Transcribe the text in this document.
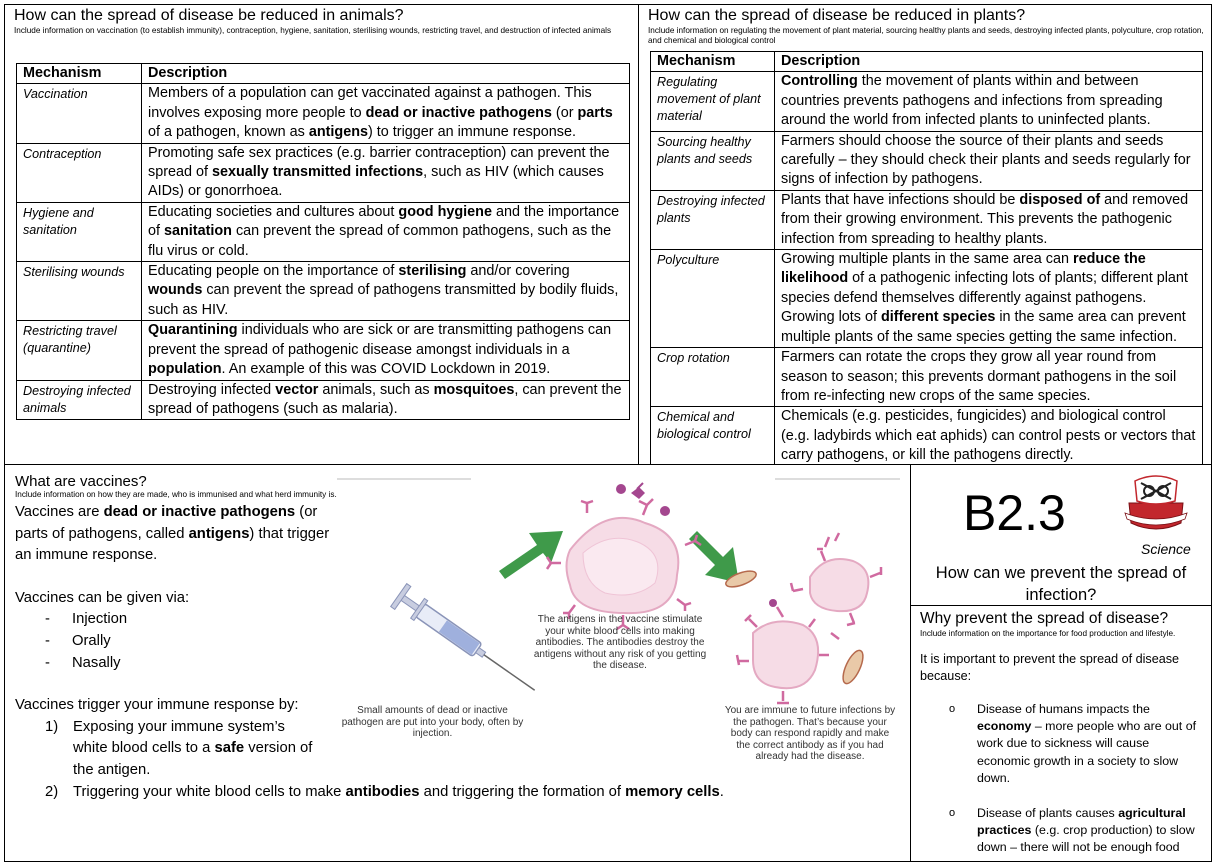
How can the spread of disease be reduced in animals?
Include information on vaccination (to establish immunity), contraception, hygiene, sanitation, sterilising wounds, restricting travel, and destruction of infected animals
Mechanism	Description
Vaccination	Members of a population can get vaccinated against a pathogen. This involves exposing more people to dead or inactive pathogens (or parts of a pathogen, known as antigens) to trigger an immune response.
Contraception	Promoting safe sex practices (e.g. barrier contraception) can prevent the spread of sexually transmitted infections, such as HIV (which causes AIDs) or gonorrhoea.
Hygiene and sanitation	Educating societies and cultures about good hygiene and the importance of sanitation can prevent the spread of common pathogens, such as the flu virus or cold.
Sterilising wounds	Educating people on the importance of sterilising and/or covering wounds can prevent the spread of pathogens transmitted by bodily fluids, such as HIV.
Restricting travel (quarantine)	Quarantining individuals who are sick or are transmitting pathogens can prevent the spread of pathogenic disease amongst individuals in a population. An example of this was COVID Lockdown in 2019.
Destroying infected animals	Destroying infected vector animals, such as mosquitoes, can prevent the spread of pathogens (such as malaria).
How can the spread of disease be reduced in plants?
Include information on regulating the movement of plant material, sourcing healthy plants and seeds, destroying infected plants, polyculture, crop rotation, and chemical and biological control
Mechanism	Description
Regulating movement of plant material	Controlling the movement of plants within and between countries prevents pathogens and infections from spreading around the world from infected plants to uninfected plants.
Sourcing healthy plants and seeds	Farmers should choose the source of their plants and seeds carefully – they should check their plants and seeds regularly for signs of infection by pathogens.
Destroying infected plants	Plants that have infections should be disposed of and removed from their growing environment. This prevents the pathogenic infection from spreading to healthy plants.
Polyculture	Growing multiple plants in the same area can reduce the likelihood of a pathogenic infecting lots of plants; different plant species defend themselves differently against pathogens. Growing lots of different species in the same area can prevent multiple plants of the same species getting the same infection.
Crop rotation	Farmers can rotate the crops they grow all year round from season to season; this prevents dormant pathogens in the soil from re-infecting new crops of the same species.
Chemical and biological control	Chemicals (e.g. pesticides, fungicides) and biological control (e.g. ladybirds which eat aphids) can control pests or vectors that carry pathogens, or kill the pathogens directly.
What are vaccines?
Include information on how they are made, who is immunised and what herd immunity is.

Vaccines are dead or inactive pathogens (or parts of pathogens, called antigens) that trigger an immune response.

Vaccines can be given via:

- Injection
- Orally
- Nasally

Vaccines trigger your immune response by:

1) Exposing your immune system’s white blood cells to a safe version of the antigen.
2) Triggering your white blood cells to make antibodies and triggering the formation of memory cells.
Small amounts of dead or inactive pathogen are put into your body, often by injection.
The antigens in the vaccine stimulate your white blood cells into making antibodies. The antibodies destroy the antigens without any risk of you getting the disease.
You are immune to future infections by the pathogen. That’s because your body can respond rapidly and make the correct antibody as if you had already had the disease.
B2.3
Science
How can we prevent the spread of infection?
Why prevent the spread of disease?
Include information on the importance for food production and lifestyle.
It is important to prevent the spread of disease because:
o Disease of humans impacts the economy – more people who are out of work due to sickness will cause economic growth in a society to slow down.
o Disease of plants causes agricultural practices (e.g. crop production) to slow down – there will not be enough food
